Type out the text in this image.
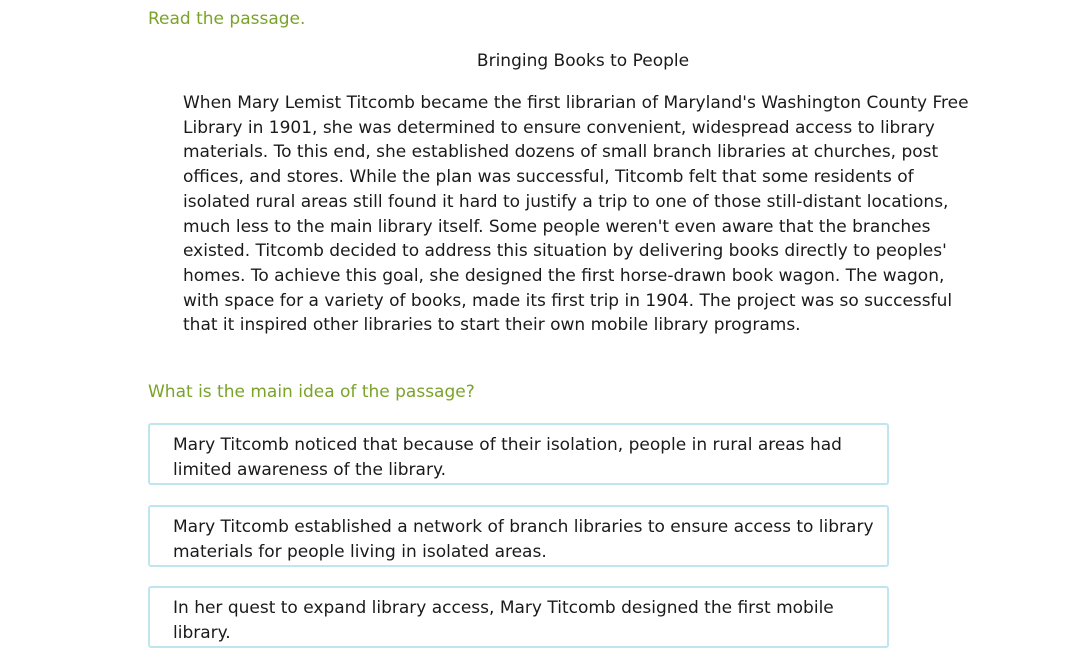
Read the passage.

Bringing Books to People

When Mary Lemist Titcomb became the first librarian of Maryland's Washington County Free Library in 1901, she was determined to ensure convenient, widespread access to library materials. To this end, she established dozens of small branch libraries at churches, post offices, and stores. While the plan was successful, Titcomb felt that some residents of isolated rural areas still found it hard to justify a trip to one of those still-distant locations, much less to the main library itself. Some people weren't even aware that the branches existed. Titcomb decided to address this situation by delivering books directly to peoples' homes. To achieve this goal, she designed the first horse-drawn book wagon. The wagon, with space for a variety of books, made its first trip in 1904. The project was so successful that it inspired other libraries to start their own mobile library programs.

What is the main idea of the passage?

Mary Titcomb noticed that because of their isolation, people in rural areas had limited awareness of the library.
Mary Titcomb established a network of branch libraries to ensure access to library materials for people living in isolated areas.
In her quest to expand library access, Mary Titcomb designed the first mobile library.
